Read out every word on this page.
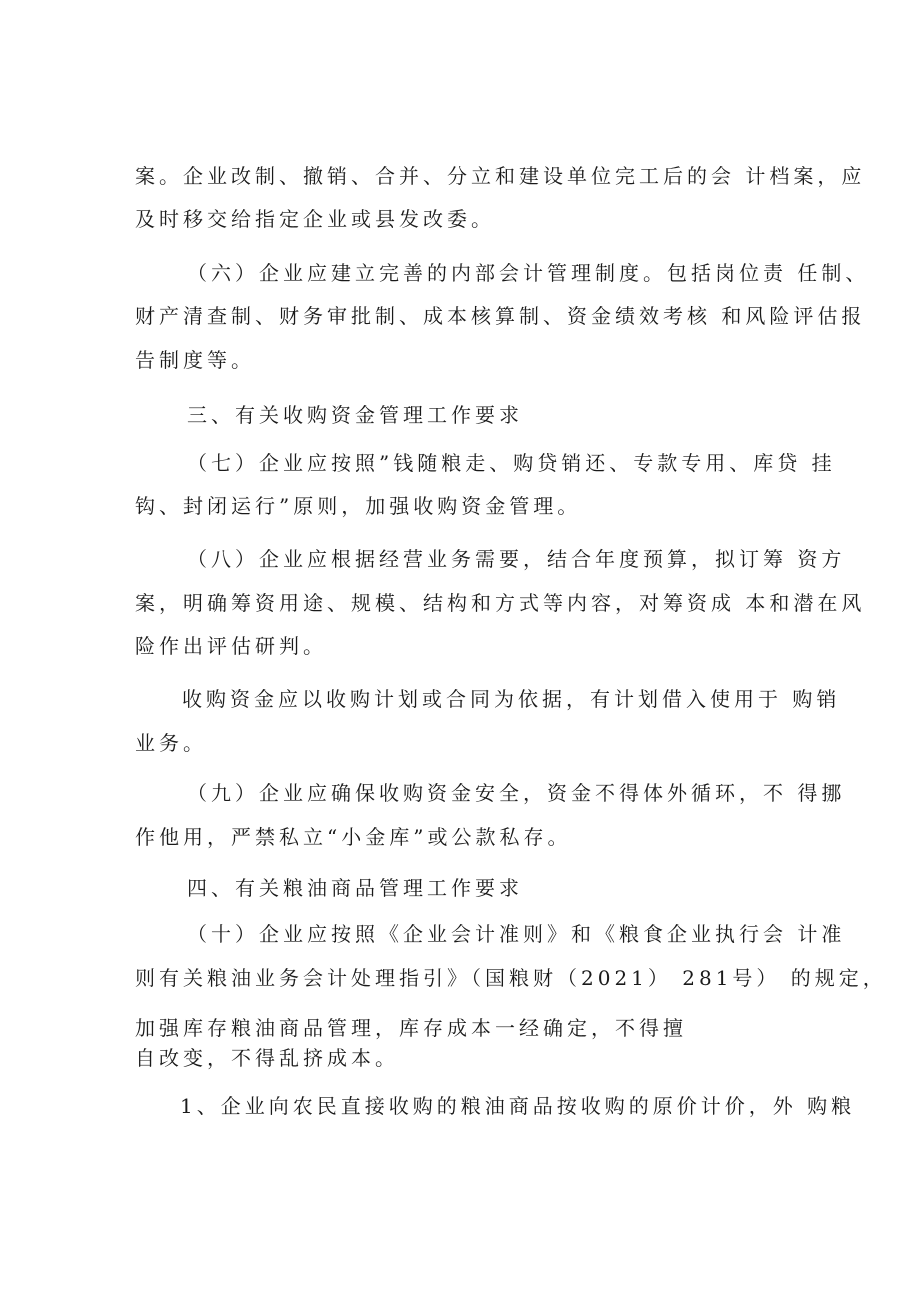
案。企业改制、撤销、合并、分立和建设单位完工后的会 计档案，应

及时移交给指定企业或县发改委。

（六）企业应建立完善的内部会计管理制度。包括岗位责 任制、

财产清查制、财务审批制、成本核算制、资金绩效考核 和风险评估报

告制度等。

三、有关收购资金管理工作要求

（七）企业应按照”钱随粮走、购贷销还、专款专用、库贷 挂

钩、封闭运行”原则，加强收购资金管理。

（八）企业应根据经营业务需要，结合年度预算，拟订筹 资方

案，明确筹资用途、规模、结构和方式等内容，对筹资成 本和潜在风

险作出评估研判。

收购资金应以收购计划或合同为依据，有计划借入使用于 购销

业务。

（九）企业应确保收购资金安全，资金不得体外循环，不 得挪

作他用，严禁私立“小金库”或公款私存。

四、有关粮油商品管理工作要求

（十）企业应按照《企业会计准则》和《粮食企业执行会 计准

则有关粮油业务会计处理指引》（国粮财（2021） 281号） 的规定，

加强库存粮油商品管理，库存成本一经确定，不得擅

自改变，不得乱挤成本。

1、企业向农民直接收购的粮油商品按收购的原价计价，外 购粮
